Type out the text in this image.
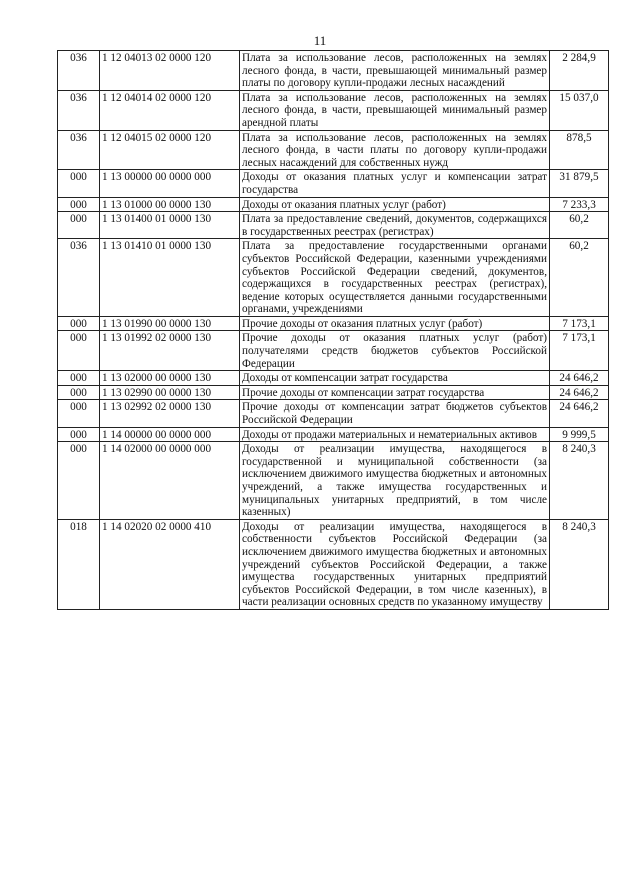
11
036	1 12 04013 02 0000 120	Плата за использование лесов, расположенных на землях лесного фонда, в части, превышающей минимальный размер платы по договору купли-продажи лесных насаждений	2 284,9
036	1 12 04014 02 0000 120	Плата за использование лесов, расположенных на землях лесного фонда, в части, превышающей минимальный размер арендной платы	15 037,0
036	1 12 04015 02 0000 120	Плата за использование лесов, расположенных на землях лесного фонда, в части платы по договору купли-продажи лесных насаждений для собственных нужд	878,5
000	1 13 00000 00 0000 000	Доходы от оказания платных услуг и компенсации затрат государства	31 879,5
000	1 13 01000 00 0000 130	Доходы от оказания платных услуг (работ)	7 233,3
000	1 13 01400 01 0000 130	Плата за предоставление сведений, документов, содержащихся в государственных реестрах (регистрах)	60,2
036	1 13 01410 01 0000 130	Плата за предоставление государственными органами субъектов Российской Федерации, казенными учреждениями субъектов Российской Федерации сведений, документов, содержащихся в государственных реестрах (регистрах), ведение которых осуществляется данными государственными органами, учреждениями	60,2
000	1 13 01990 00 0000 130	Прочие доходы от оказания платных услуг (работ)	7 173,1
000	1 13 01992 02 0000 130	Прочие доходы от оказания платных услуг (работ) получателями средств бюджетов субъектов Российской Федерации	7 173,1
000	1 13 02000 00 0000 130	Доходы от компенсации затрат государства	24 646,2
000	1 13 02990 00 0000 130	Прочие доходы от компенсации затрат государства	24 646,2
000	1 13 02992 02 0000 130	Прочие доходы от компенсации затрат бюджетов субъектов Российской Федерации	24 646,2
000	1 14 00000 00 0000 000	Доходы от продажи материальных и нематериальных активов	9 999,5
000	1 14 02000 00 0000 000	Доходы от реализации имущества, находящегося в государственной и муниципальной собственности (за исключением движимого имущества бюджетных и автономных учреждений, а также имущества государственных и муниципальных унитарных предприятий, в том числе казенных)	8 240,3
018	1 14 02020 02 0000 410	Доходы от реализации имущества, находящегося в собственности субъектов Российской Федерации (за исключением движимого имущества бюджетных и автономных учреждений субъектов Российской Федерации, а также имущества государственных унитарных предприятий субъектов Российской Федерации, в том числе казенных), в части реализации основных средств по указанному имуществу	8 240,3
